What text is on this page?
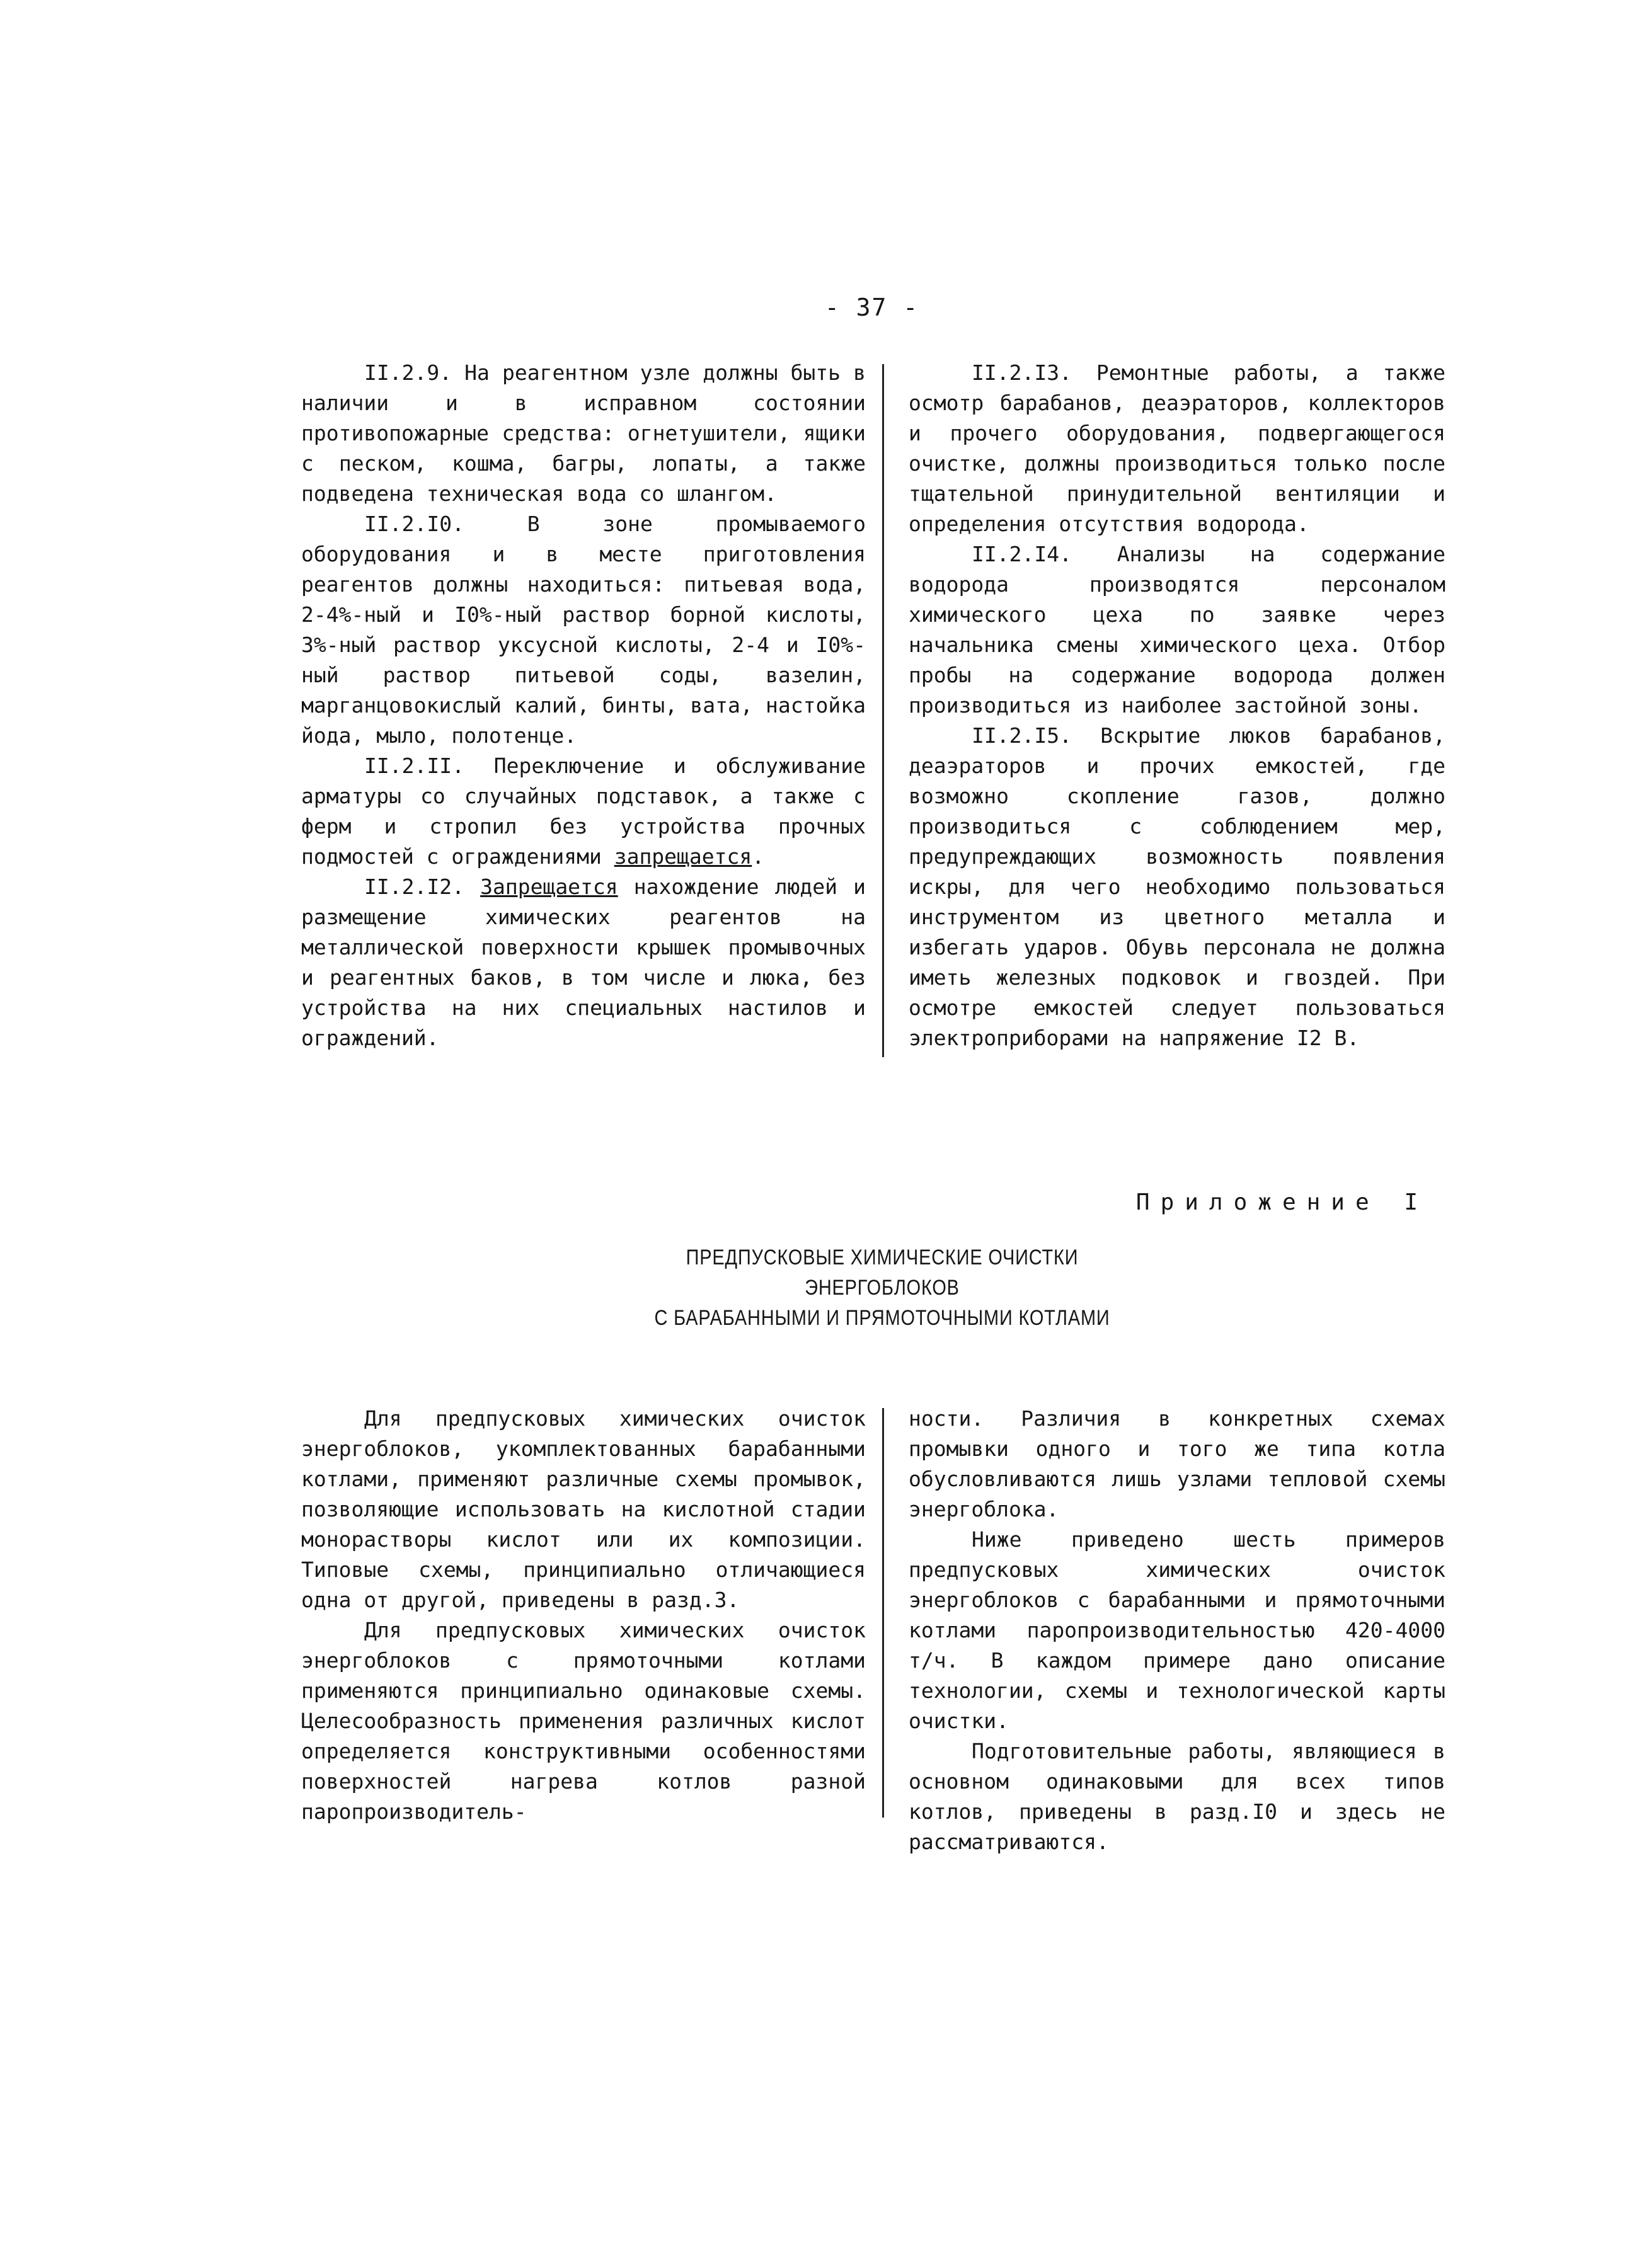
- 37 -

II.2.9. На реагентном узле должны быть в наличии и в исправном состоянии противопожарные средства: огнетушители, ящики с песком, кошма, багры, лопаты, а также подведена техническая вода со шлангом.

II.2.I0. В зоне промываемого оборудования и в месте приготовления реагентов должны находиться: питьевая вода, 2-4%-ный и I0%-ный раствор борной кислоты, 3%-ный раствор уксусной кислоты, 2-4 и I0%-ный раствор питьевой соды, вазелин, марганцовокислый калий, бинты, вата, настойка йода, мыло, полотенце.

II.2.II. Переключение и обслуживание арматуры со случайных подставок, а также с ферм и стропил без устройства прочных подмостей с ограждениями запрещается.

II.2.I2. Запрещается нахождение людей и размещение химических реагентов на металлической поверхности крышек промывочных и реагентных баков, в том числе и люка, без устройства на них специальных настилов и ограждений.

II.2.I3. Ремонтные работы, а также осмотр барабанов, деаэраторов, коллекторов и прочего оборудования, подвергающегося очистке, должны производиться только после тщательной принудительной вентиляции и определения отсутствия водорода.

II.2.I4. Анализы на содержание водорода производятся персоналом химического цеха по заявке через начальника смены химического цеха. Отбор пробы на содержание водорода должен производиться из наиболее застойной зоны.

II.2.I5. Вскрытие люков барабанов, деаэраторов и прочих емкостей, где возможно скопление газов, должно производиться с соблюдением мер, предупреждающих возможность появления искры, для чего необходимо пользоваться инструментом из цветного металла и избегать ударов. Обувь персонала не должна иметь железных подковок и гвоздей. При осмотре емкостей следует пользоваться электроприборами на напряжение I2 В.

Приложение I
ПРЕДПУСКОВЫЕ ХИМИЧЕСКИЕ ОЧИСТКИ ЭНЕРГОБЛОКОВ
С БАРАБАННЫМИ И ПРЯМОТОЧНЫМИ КОТЛАМИ

Для предпусковых химических очисток энергоблоков, укомплектованных барабанными котлами, применяют различные схемы промывок, позволяющие использовать на кислотной стадии монорастворы кислот или их композиции. Типовые схемы, принципиально отличающиеся одна от другой, приведены в разд.3.

Для предпусковых химических очисток энергоблоков с прямоточными котлами применяются принципиально одинаковые схемы. Целесообразность применения различных кислот определяется конструктивными особенностями поверхностей нагрева котлов разной паропроизводитель-

ности. Различия в конкретных схемах промывки одного и того же типа котла обусловливаются лишь узлами тепловой схемы энергоблока.

Ниже приведено шесть примеров предпусковых химических очисток энергоблоков с барабанными и прямоточными котлами паропроизводительностью 420-4000 т/ч. В каждом примере дано описание технологии, схемы и технологической карты очистки.

Подготовительные работы, являющиеся в основном одинаковыми для всех типов котлов, приведены в разд.I0 и здесь не рассматриваются.
